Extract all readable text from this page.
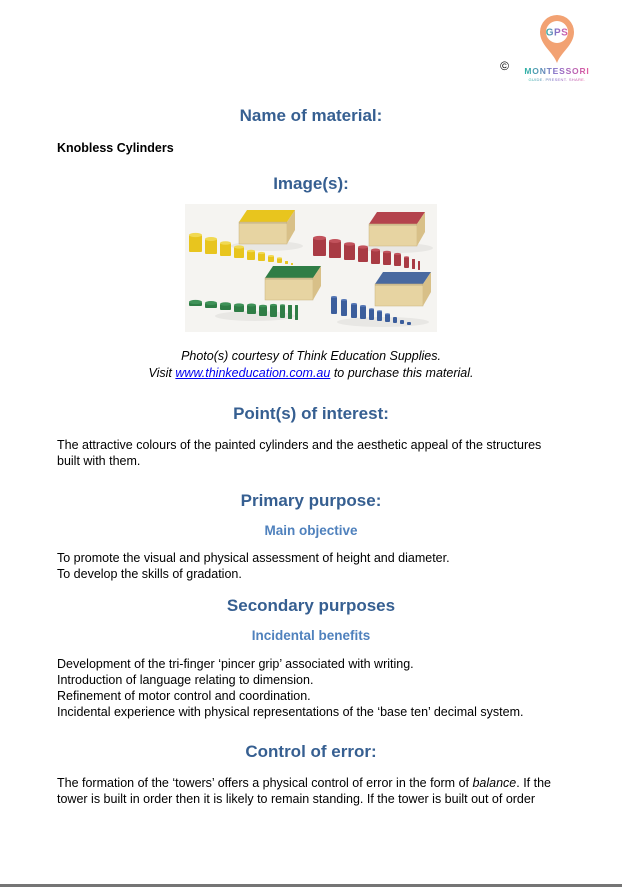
©
GPS
MONTESSORI
GUIDE. PRESENT. SHARE.
Name of material:
Knobless Cylinders
Image(s):
Photo(s) courtesy of Think Education Supplies.
Visit www.thinkeducation.com.au to purchase this material.
Point(s) of interest:

The attractive colours of the painted cylinders and the aesthetic appeal of the structures built with them.

Primary purpose:
Main objective
To promote the visual and physical assessment of height and diameter.
To develop the skills of gradation.
Secondary purposes
Incidental benefits
Development of the tri-finger ‘pincer grip’ associated with writing.
Introduction of language relating to dimension.
Refinement of motor control and coordination.
Incidental experience with physical representations of the ‘base ten’ decimal system.
Control of error:

The formation of the ‘towers’ offers a physical control of error in the form of balance. If the tower is built in order then it is likely to remain standing. If the tower is built out of order
